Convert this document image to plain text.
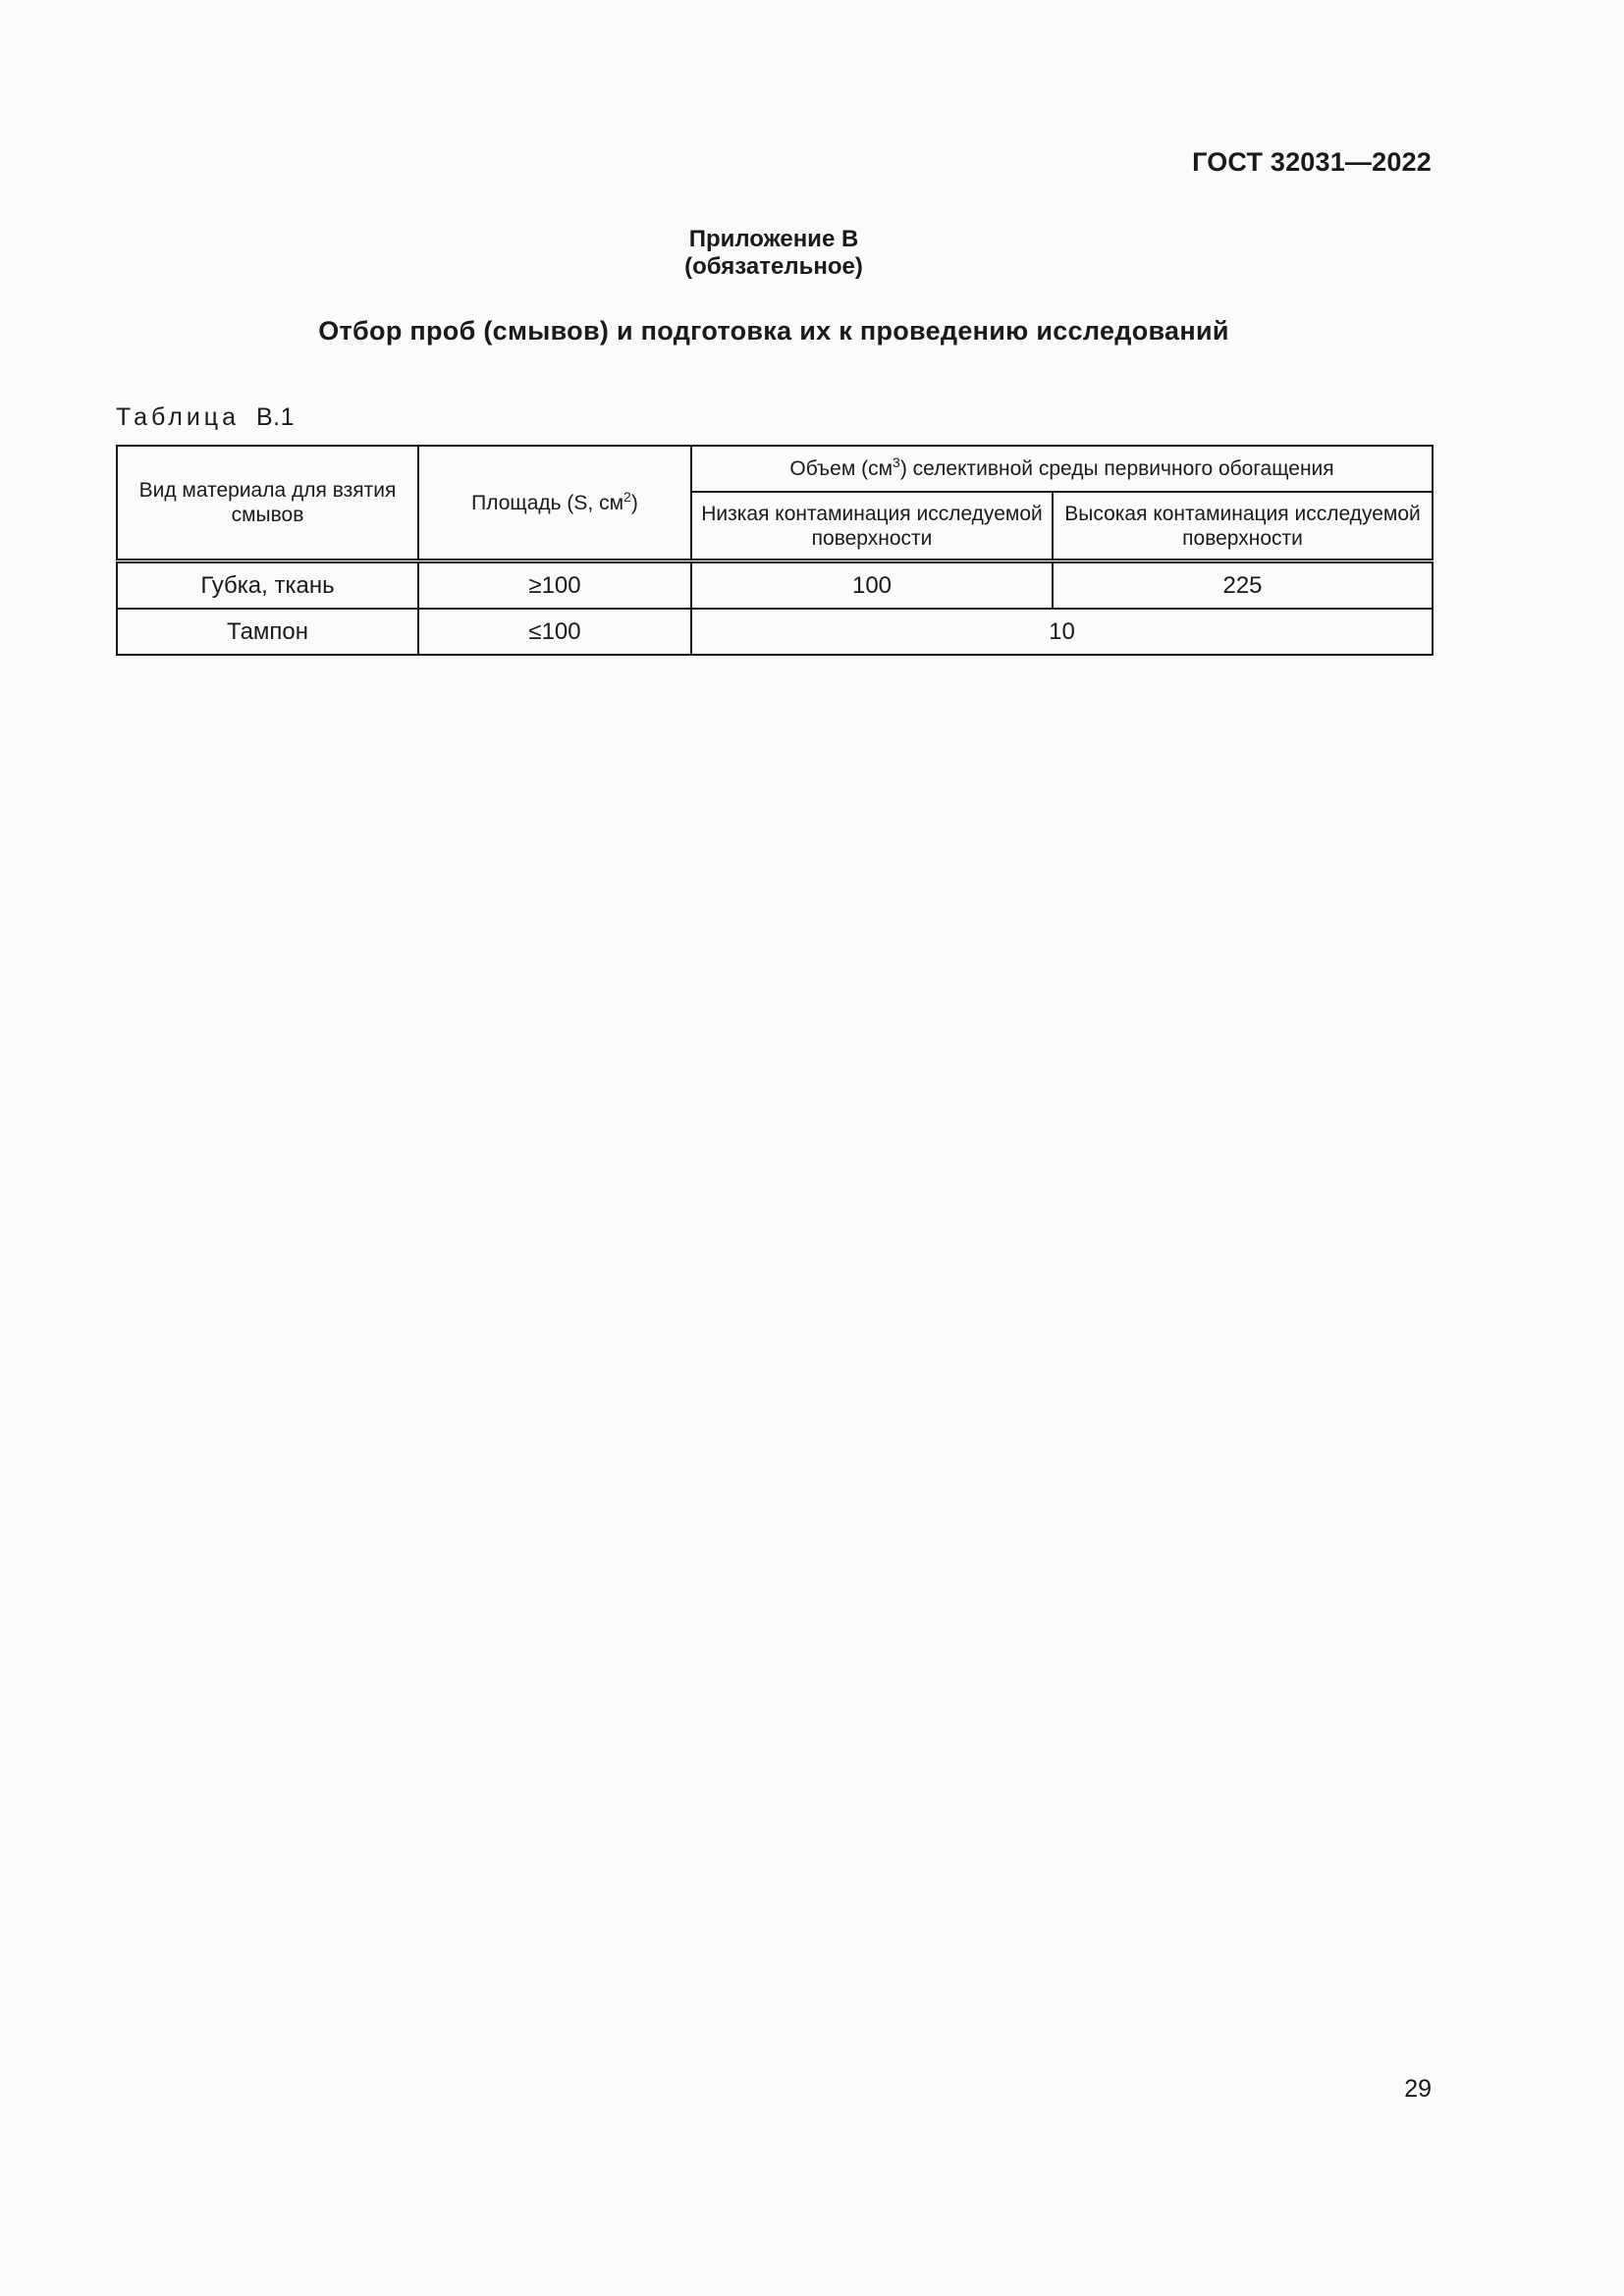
ГОСТ 32031—2022
Приложение В
(обязательное)
Отбор проб (смывов) и подготовка их к проведению исследований
Таблица В.1
Вид материала для взятия смывов	Площадь (S, $см^2$)	Объем $(см^3)$ селективной среды первичного обогащения	
		Низкая контаминация исследуемой поверхности	Высокая контаминация исследуемой поверхности
Губка, ткань	≥100	100	225
Тампон	≤100	10	
29
